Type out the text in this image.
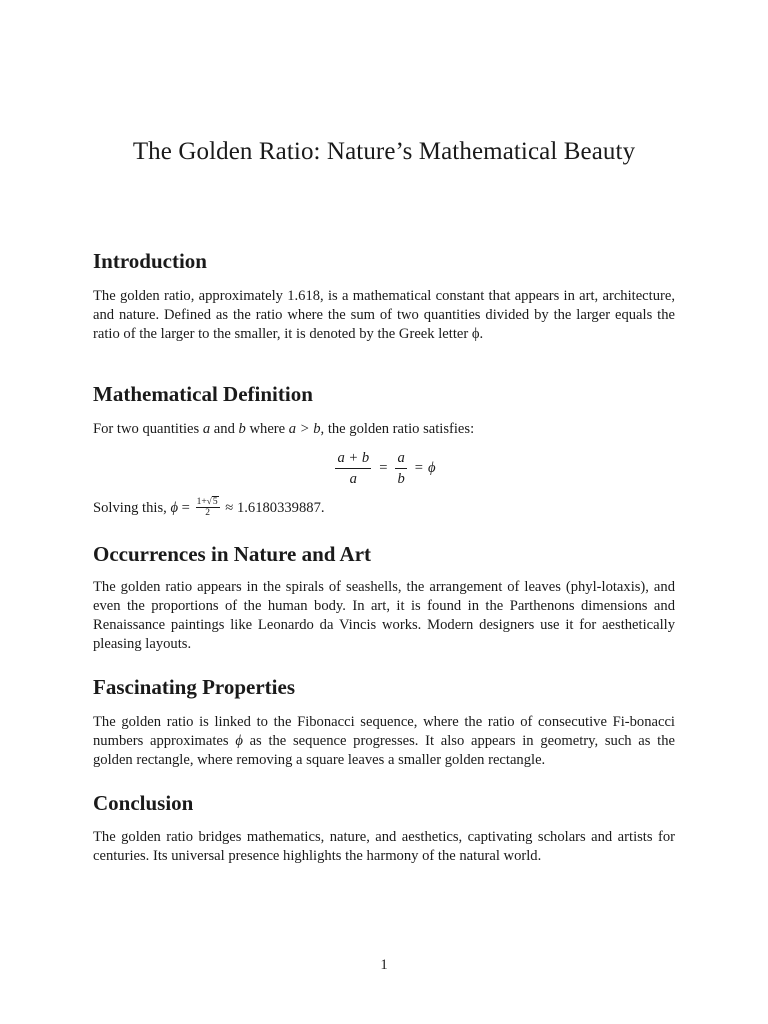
The Golden Ratio: Nature’s Mathematical Beauty
Introduction

The golden ratio, approximately 1.618, is a mathematical constant that appears in art, architecture, and nature. Defined as the ratio where the sum of two quantities divided by the larger equals the ratio of the larger to the smaller, it is denoted by the Greek letter ϕ.

Mathematical Definition

For two quantities a and b where a > b, the golden ratio satisfies:

$\frac{a + b}{a} = \frac{a}{b} = \phi$

Solving this, $\phi = \frac{1+√5}{2} \approx 1.6180339887$.

Occurrences in Nature and Art

The golden ratio appears in the spirals of seashells, the arrangement of leaves (phyl-lotaxis), and even the proportions of the human body. In art, it is found in the Parthenons dimensions and Renaissance paintings like Leonardo da Vincis works. Modern designers use it for aesthetically pleasing layouts.

Fascinating Properties

The golden ratio is linked to the Fibonacci sequence, where the ratio of consecutive Fi-bonacci numbers approximates ϕ as the sequence progresses. It also appears in geometry, such as the golden rectangle, where removing a square leaves a smaller golden rectangle.

Conclusion

The golden ratio bridges mathematics, nature, and aesthetics, captivating scholars and artists for centuries. Its universal presence highlights the harmony of the natural world.

1
